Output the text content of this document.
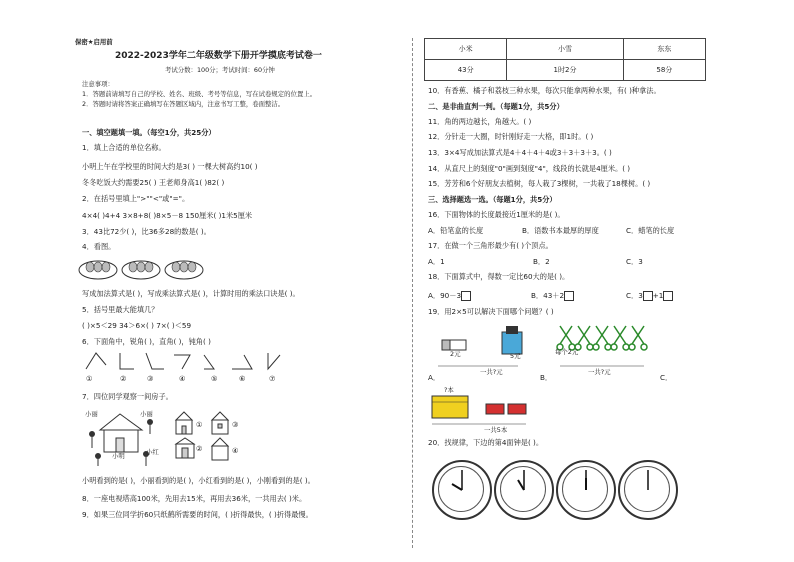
保密★启用前
2022-2023学年二年级数学下册开学摸底考试卷一
考试分数：100分；考试时间：60分钟
注意事项：
1．答题前请填写自己的学校、姓名、班级、考号等信息，写在试卷规定的位置上。
2．答题时请将答案正确填写在答题区域内，注意书写工整，卷面整洁。
一、填空题填一填。（每空1分，共25分）
1．填上合适的单位名称。
小明上午在学校里的时间大约是3( ) 一棵大树高约10( )
冬冬吃饭大约需要25( ) 王老师身高1( )82( )
2．在括号里填上">""<"或"="。
4×4( )4+4 3×8+8( )8×5－8 150厘米( )1米5厘米
3．43比72少( )，比36多28的数是( )。
4．看图。
写成加法算式是( )，写成乘法算式是( )，计算时用的乘法口诀是( )。
5．括号里最大能填几？
( )×5＜29 34＞6×( ) 7×( )＜59
6．下面角中，锐角( )，直角( )，钝角( )
①	②	③	④	⑤	⑥	⑦
7．四位同学观察一间房子。
小丽	小丽
小明	小红
①	③
②	④
小明看到的是( )，小丽看到的是( )，小红看到的是( )，小刚看到的是( )。
8．一座电视塔高100米，先用去15米，再用去36米，一共用去( )米。
9．如果三位同学折60只纸鹤所需要的时间，( )折得最快，( )折得最慢。
小米	小雪	东东
43分	1时2分	58分
10．有香蕉、橘子和荔枝三种水果，每次只能拿两种水果，有( )种拿法。
二、是非曲直判一判。（每题1分，共5分）
11．角的两边越长，角越大。( )
12．分针走一大圈，时针刚好走一大格，即1时。( )
13．3×4写成加法算式是4＋4＋4＋4或3＋3＋3＋3。( )
14．从直尺上的刻度"0"画到刻度"4"，线段的长就是4厘米。( )
15．芳芳和6个好朋友去植树，每人栽了3棵树，一共栽了18棵树。( )
三、选择题选一选。（每题1分，共5分）
16．下面物体的长度最接近1厘米的是( )。
A．铅笔盒的长度	B．语数书本最厚的厚度	C．蜡笔的长度
17．在做一个三角形最少有( )个顶点。
A．1	B．2	C．3
18．下面算式中，得数一定比60大的是( )。
A．90－3	B．43＋2	C．3 +1
19．用2×5可以解决下面哪个问题？( )
2元	5元	每个2元
一共?元	一共?元
A．	B．	C．
?本
一共5本
20．找规律，下边的第4面钟是( )。
